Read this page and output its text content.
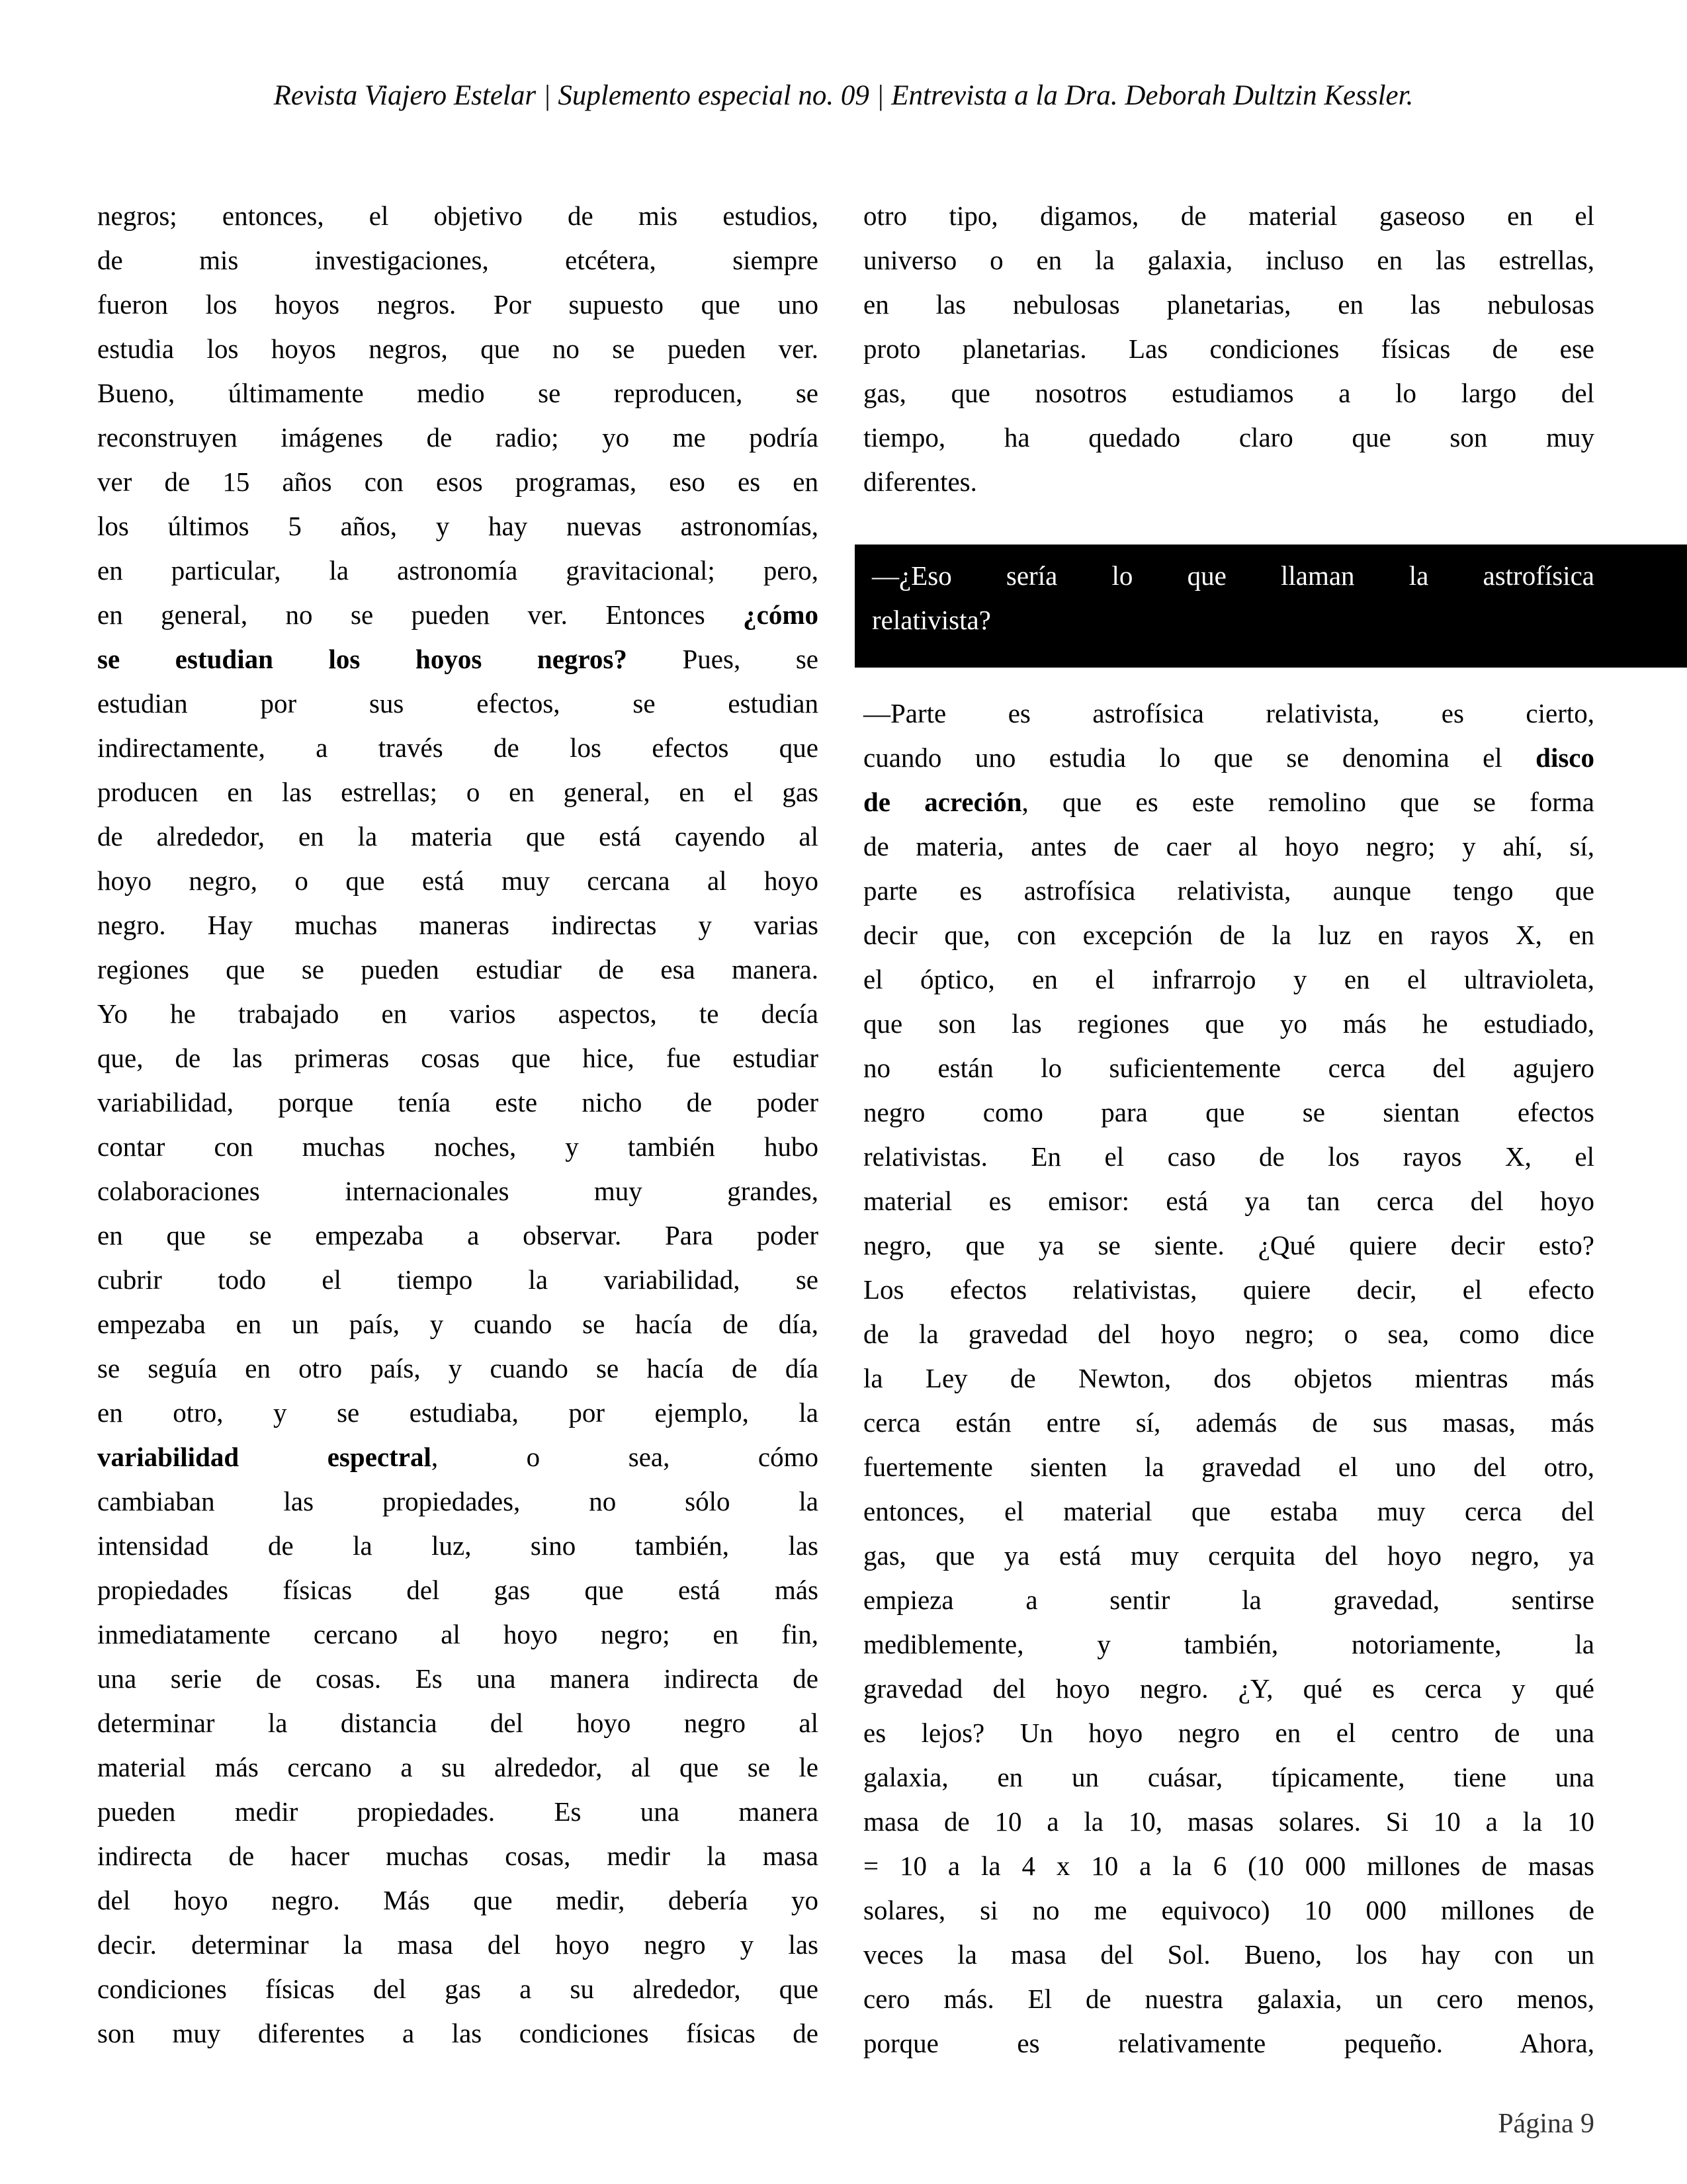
Revista Viajero Estelar | Suplemento especial no. 09 | Entrevista a la Dra. Deborah Dultzin Kessler.
negros; entonces, el objetivo de mis estudios,
de mis investigaciones, etcétera, siempre
fueron los hoyos negros. Por supuesto que uno
estudia los hoyos negros, que no se pueden ver.
Bueno, últimamente medio se reproducen, se
reconstruyen imágenes de radio; yo me podría
ver de 15 años con esos programas, eso es en
los últimos 5 años, y hay nuevas astronomías,
en particular, la astronomía gravitacional; pero,
en general, no se pueden ver. Entonces ¿cómo
se estudian los hoyos negros? Pues, se
estudian por sus efectos, se estudian
indirectamente, a través de los efectos que
producen en las estrellas; o en general, en el gas
de alrededor, en la materia que está cayendo al
hoyo negro, o que está muy cercana al hoyo
negro. Hay muchas maneras indirectas y varias
regiones que se pueden estudiar de esa manera.
Yo he trabajado en varios aspectos, te decía
que, de las primeras cosas que hice, fue estudiar
variabilidad, porque tenía este nicho de poder
contar con muchas noches, y también hubo
colaboraciones internacionales muy grandes,
en que se empezaba a observar. Para poder
cubrir todo el tiempo la variabilidad, se
empezaba en un país, y cuando se hacía de día,
se seguía en otro país, y cuando se hacía de día
en otro, y se estudiaba, por ejemplo, la
variabilidad espectral, o sea, cómo
cambiaban las propiedades, no sólo la
intensidad de la luz, sino también, las
propiedades físicas del gas que está más
inmediatamente cercano al hoyo negro; en fin,
una serie de cosas. Es una manera indirecta de
determinar la distancia del hoyo negro al
material más cercano a su alrededor, al que se le
pueden medir propiedades. Es una manera
indirecta de hacer muchas cosas, medir la masa
del hoyo negro. Más que medir, debería yo
decir. determinar la masa del hoyo negro y las
condiciones físicas del gas a su alrededor, que
son muy diferentes a las condiciones físicas de
otro tipo, digamos, de material gaseoso en el
universo o en la galaxia, incluso en las estrellas,
en las nebulosas planetarias, en las nebulosas
proto planetarias. Las condiciones físicas de ese
gas, que nosotros estudiamos a lo largo del
tiempo, ha quedado claro que son muy
diferentes.
—¿Eso sería lo que llaman la astrofísica
relativista?
—Parte es astrofísica relativista, es cierto,
cuando uno estudia lo que se denomina el disco
de acreción, que es este remolino que se forma
de materia, antes de caer al hoyo negro; y ahí, sí,
parte es astrofísica relativista, aunque tengo que
decir que, con excepción de la luz en rayos X, en
el óptico, en el infrarrojo y en el ultravioleta,
que son las regiones que yo más he estudiado,
no están lo suficientemente cerca del agujero
negro como para que se sientan efectos
relativistas. En el caso de los rayos X, el
material es emisor: está ya tan cerca del hoyo
negro, que ya se siente. ¿Qué quiere decir esto?
Los efectos relativistas, quiere decir, el efecto
de la gravedad del hoyo negro; o sea, como dice
la Ley de Newton, dos objetos mientras más
cerca están entre sí, además de sus masas, más
fuertemente sienten la gravedad el uno del otro,
entonces, el material que estaba muy cerca del
gas, que ya está muy cerquita del hoyo negro, ya
empieza a sentir la gravedad, sentirse
mediblemente, y también, notoriamente, la
gravedad del hoyo negro. ¿Y, qué es cerca y qué
es lejos? Un hoyo negro en el centro de una
galaxia, en un cuásar, típicamente, tiene una
masa de 10 a la 10, masas solares. Si 10 a la 10
= 10 a la 4 x 10 a la 6 (10 000 millones de masas
solares, si no me equivoco) 10 000 millones de
veces la masa del Sol. Bueno, los hay con un
cero más. El de nuestra galaxia, un cero menos,
porque es relativamente pequeño. Ahora,
Página 9
